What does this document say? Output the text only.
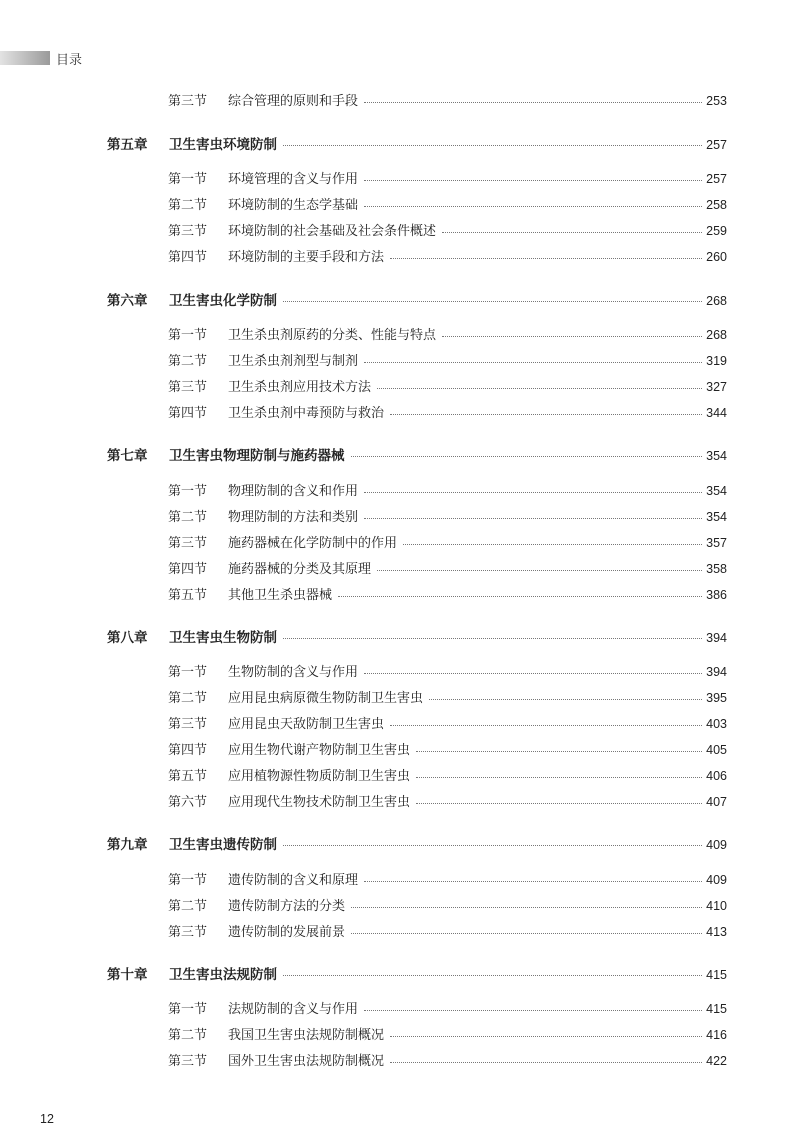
目录
第三节	综合管理的原则和手段	253
第五章	卫生害虫环境防制	257
第一节	环境管理的含义与作用	257
第二节	环境防制的生态学基础	258
第三节	环境防制的社会基础及社会条件概述	259
第四节	环境防制的主要手段和方法	260
第六章	卫生害虫化学防制	268
第一节	卫生杀虫剂原药的分类、性能与特点	268
第二节	卫生杀虫剂剂型与制剂	319
第三节	卫生杀虫剂应用技术方法	327
第四节	卫生杀虫剂中毒预防与救治	344
第七章	卫生害虫物理防制与施药器械	354
第一节	物理防制的含义和作用	354
第二节	物理防制的方法和类别	354
第三节	施药器械在化学防制中的作用	357
第四节	施药器械的分类及其原理	358
第五节	其他卫生杀虫器械	386
第八章	卫生害虫生物防制	394
第一节	生物防制的含义与作用	394
第二节	应用昆虫病原微生物防制卫生害虫	395
第三节	应用昆虫天敌防制卫生害虫	403
第四节	应用生物代谢产物防制卫生害虫	405
第五节	应用植物源性物质防制卫生害虫	406
第六节	应用现代生物技术防制卫生害虫	407
第九章	卫生害虫遗传防制	409
第一节	遗传防制的含义和原理	409
第二节	遗传防制方法的分类	410
第三节	遗传防制的发展前景	413
第十章	卫生害虫法规防制	415
第一节	法规防制的含义与作用	415
第二节	我国卫生害虫法规防制概况	416
第三节	国外卫生害虫法规防制概况	422
12
